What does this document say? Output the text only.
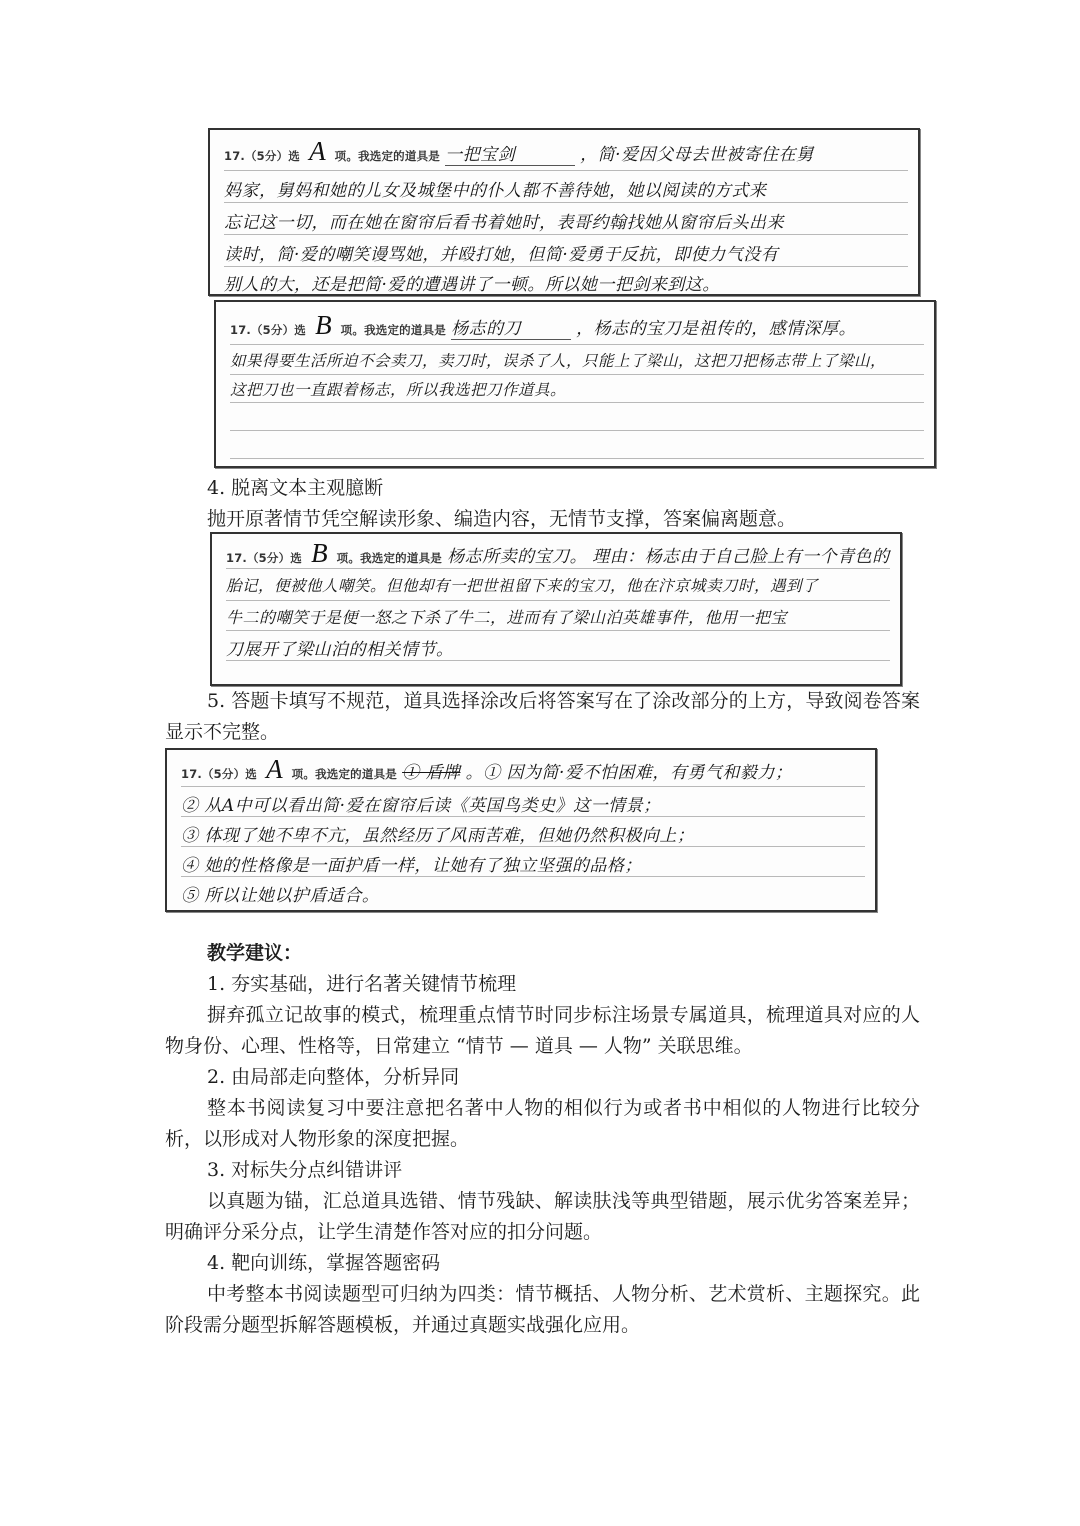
17.（5分）选 A 项。我选定的道具是 一把宝剑	，简·爱因父母去世被寄住在舅
妈家，舅妈和她的儿女及城堡中的仆人都不善待她，她以阅读的方式来
忘记这一切，而在她在窗帘后看书着她时，表哥约翰找她从窗帘后头出来
读时，简·爱的嘲笑谩骂她，并殴打她，但简·爱勇于反抗，即使力气没有
别人的大，还是把简·爱的遭遇讲了一顿。所以她一把剑来到这。
17.（5分）选 B 项。我选定的道具是 杨志的刀	，杨志的宝刀是祖传的，感情深厚。
如果得要生活所迫不会卖刀，卖刀时，误杀了人，只能上了梁山，这把刀把杨志带上了梁山，
这把刀也一直跟着杨志，所以我选把刀作道具。
4. 脱离文本主观臆断
抛开原著情节凭空解读形象、编造内容，无情节支撑，答案偏离题意。
17.（5分）选 B 项。我选定的道具是 杨志所卖的宝刀。 理由：杨志由于自己脸上有一个青色的
胎记，便被他人嘲笑。但他却有一把世祖留下来的宝刀，他在汴京城卖刀时，遇到了
牛二的嘲笑于是便一怒之下杀了牛二，进而有了梁山泊英雄事件，他用一把宝
刀展开了梁山泊的相关情节。
5. 答题卡填写不规范，道具选择涂改后将答案写在了涂改部分的上方，导致阅卷答案显示不完整。
17.（5分）选 A 项。我选定的道具是 ① 盾牌 。① 因为简·爱不怕困难，有勇气和毅力；
② 从A中可以看出简·爱在窗帘后读《英国鸟类史》这一情景；
③ 体现了她不卑不亢，虽然经历了风雨苦难，但她仍然积极向上；
④ 她的性格像是一面护盾一样，让她有了独立坚强的品格；
⑤ 所以让她以护盾适合。
教学建议：
1. 夯实基础，进行名著关键情节梳理
摒弃孤立记故事的模式，梳理重点情节时同步标注场景专属道具，梳理道具对应的人物身份、心理、性格等，日常建立 “情节 — 道具 — 人物” 关联思维。
2. 由局部走向整体，分析异同
整本书阅读复习中要注意把名著中人物的相似行为或者书中相似的人物进行比较分析，以形成对人物形象的深度把握。
3. 对标失分点纠错讲评
以真题为锚，汇总道具选错、情节残缺、解读肤浅等典型错题，展示优劣答案差异；明确评分采分点，让学生清楚作答对应的扣分问题。
4. 靶向训练，掌握答题密码
中考整本书阅读题型可归纳为四类：情节概括、人物分析、艺术赏析、主题探究。此阶段需分题型拆解答题模板，并通过真题实战强化应用。
